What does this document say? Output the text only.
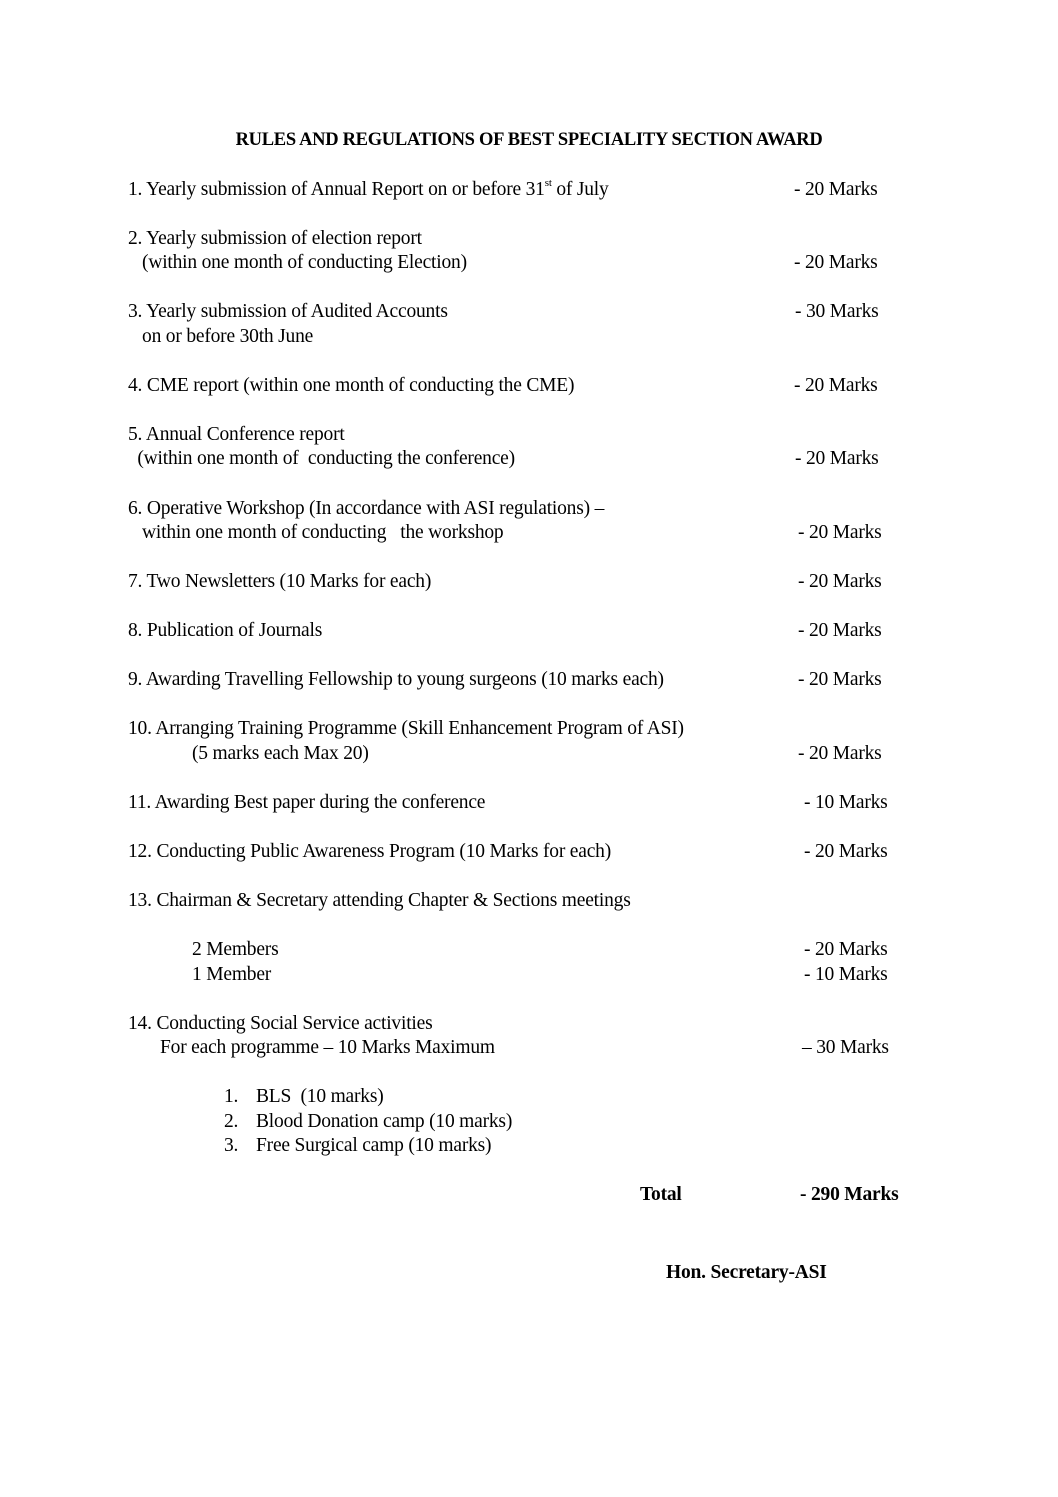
RULES AND REGULATIONS OF BEST SPECIALITY SECTION AWARD
1. Yearly submission of Annual Report on or before 31st of July	- 20 Marks
2. Yearly submission of election report
(within one month of conducting Election)	- 20 Marks
3. Yearly submission of Audited Accounts
on or before 30th June
- 30 Marks
4. CME report (within one month of conducting the CME)	- 20 Marks
5. Annual Conference report
(within one month of  conducting the conference)	- 20 Marks
6. Operative Workshop (In accordance with ASI regulations) –
within one month of conducting   the workshop	- 20 Marks
7. Two Newsletters (10 Marks for each)	- 20 Marks
8. Publication of Journals	- 20 Marks
9. Awarding Travelling Fellowship to young surgeons (10 marks each)	- 20 Marks
10. Arranging Training Programme (Skill Enhancement Program of ASI)
(5 marks each Max 20)	- 20 Marks
11. Awarding Best paper during the conference	- 10 Marks
12. Conducting Public Awareness Program (10 Marks for each)	- 20 Marks
13. Chairman & Secretary attending Chapter & Sections meetings
2 Members	- 20 Marks
1 Member	- 10 Marks
14. Conducting Social Service activities
For each programme – 10 Marks Maximum	– 30 Marks
1. BLS  (10 marks)
2. Blood Donation camp (10 marks)
3. Free Surgical camp (10 marks)
Total	- 290 Marks
Hon. Secretary-ASI
